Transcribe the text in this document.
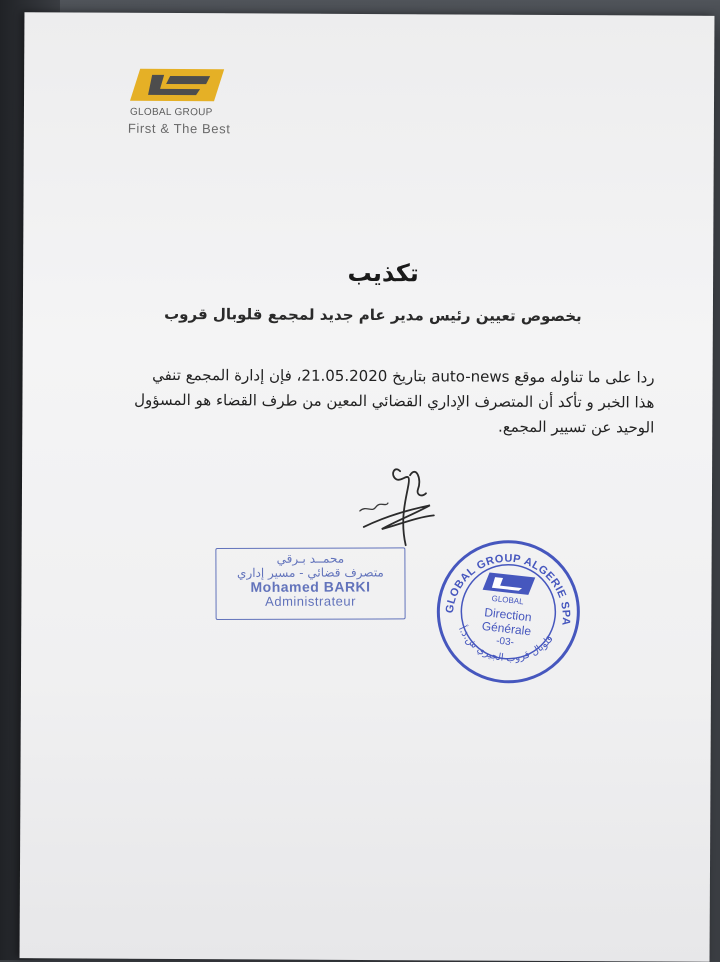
GLOBAL GROUP
First & The Best
تكذيب
بخصوص تعيين رئيس مدير عام جديد لمجمع قلوبال قروب
ردا على ما تناوله موقع auto-news بتاريخ 21.05.2020، فإن إدارة المجمع تنفي
هذا الخبر و تأكد أن المتصرف الإداري القضائي المعين من طرف القضاء هو المسؤول
الوحيد عن تسيير المجمع.
محمــد بـرقي
متصرف قضائي - مسير إداري
Mohamed BARKI
Administrateur	GLOBAL GROUP ALGERIE SPA
قلوبال قروب الجيري ش.ذ.أ
GLOBAL
Direction
Générale
-03-
